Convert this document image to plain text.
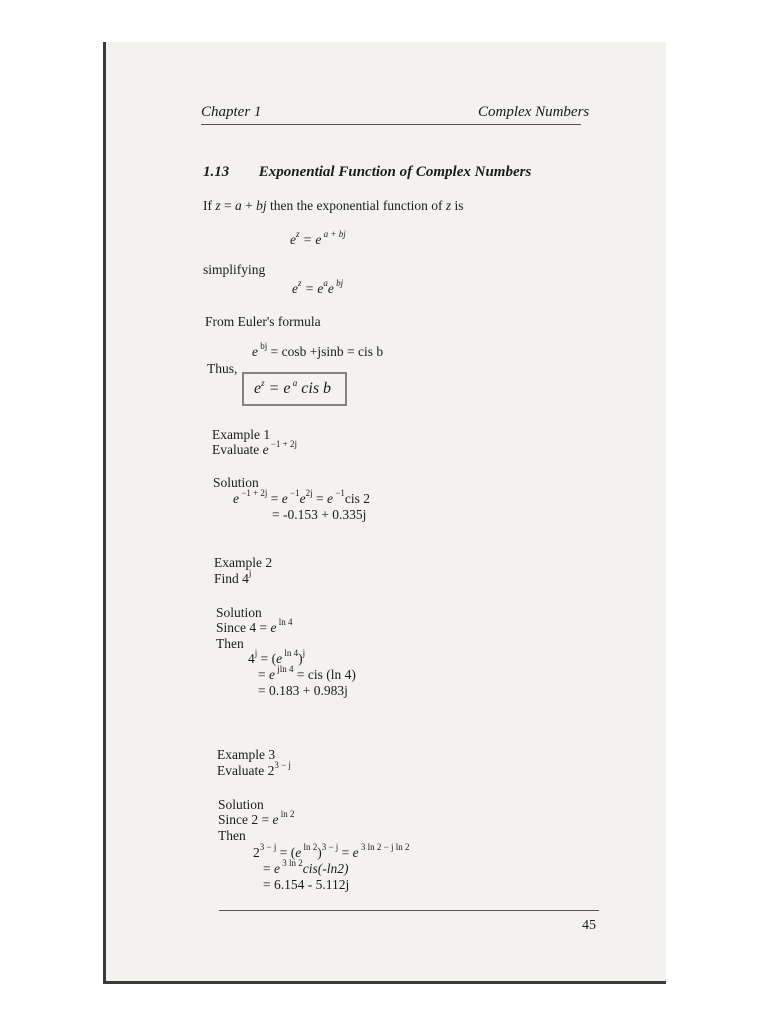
Chapter 1	Complex Numbers
1.13 Exponential Function of Complex Numbers
If z = a + bj then the exponential function of z is
$e^z = e$ $^{a + bj}$
simplifying
$e^z = e^ae$ $^{bj}$
From Euler's formula
e $^{bj}$ = cosb +jsinb = cis b
Thus,
$e^z = e$ $^a$ cis b
Example 1
Evaluate e $^{-1 + 2j}$
Solution
e $^{-1 + 2j}$ = e $^{-1}e^{2j} = e$ $^{-1}$cis 2
= -0.153 + 0.335j
Example 2
Find 4$^j$
Solution
Since 4 = e $^{ln 4}$
Then
$4^j = (e$ $^{ln 4}$)$^j$
= e $^{jln 4}$ = cis (ln 4)
= 0.183 + 0.983j
Example 3
Evaluate $2^{3 - j}$
Solution
Since 2 = e $^{ln 2}$
Then
$2^{3 - j} = (e$ $^{ln 2}$)$^{3 - j}$ = e $^{3 ln 2 - j ln 2}$
= e $^{3 ln 2}$cis(-ln2)
= 6.154 - 5.112j
45
